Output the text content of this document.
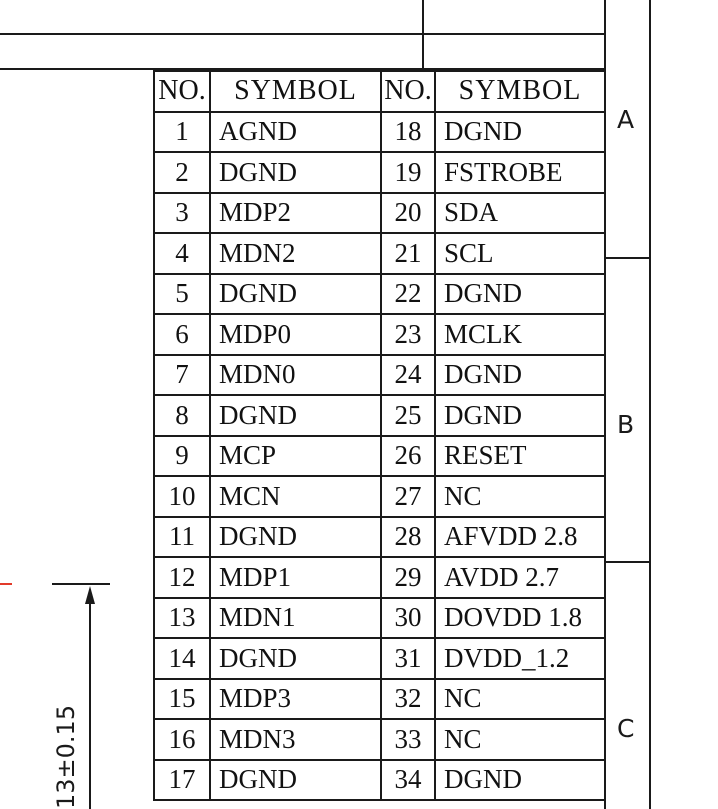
A
B
C
13±0.15
NO.	SYMBOL	NO.	SYMBOL
1	AGND	18	DGND
2	DGND	19	FSTROBE
3	MDP2	20	SDA
4	MDN2	21	SCL
5	DGND	22	DGND
6	MDP0	23	MCLK
7	MDN0	24	DGND
8	DGND	25	DGND
9	MCP	26	RESET
10	MCN	27	NC
11	DGND	28	AFVDD 2.8
12	MDP1	29	AVDD 2.7
13	MDN1	30	DOVDD 1.8
14	DGND	31	DVDD_1.2
15	MDP3	32	NC
16	MDN3	33	NC
17	DGND	34	DGND
